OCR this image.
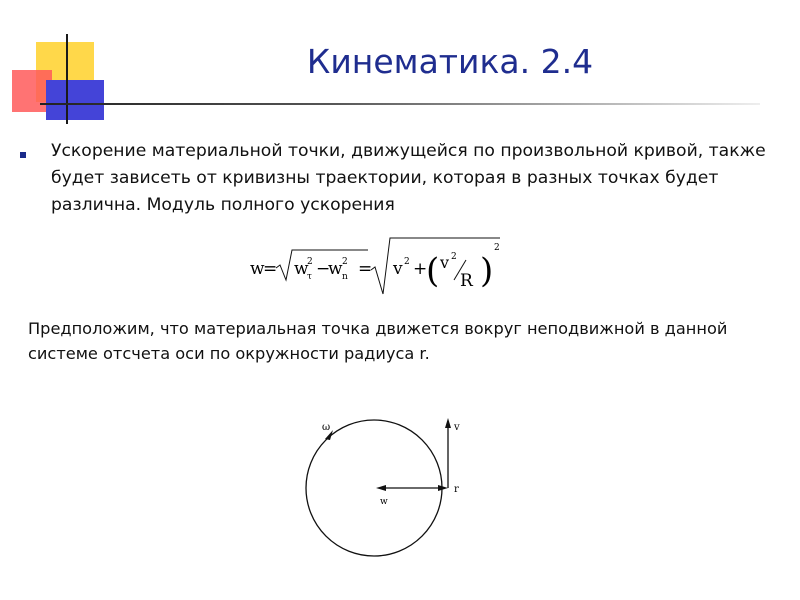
Кинематика. 2.4
Ускорение материальной точки, движущейся по произвольной кривой, также будет зависеть от кривизны траектории, которая в разных точках будет различна. Модуль полного ускорения
w
= w
2
τ −
w 2
n = v 2 +
( v 2
R )
2
Предположим, что материальная точка движется вокруг неподвижной в данной системе отсчета оси по окружности радиуса r.
ω	v
r
w
